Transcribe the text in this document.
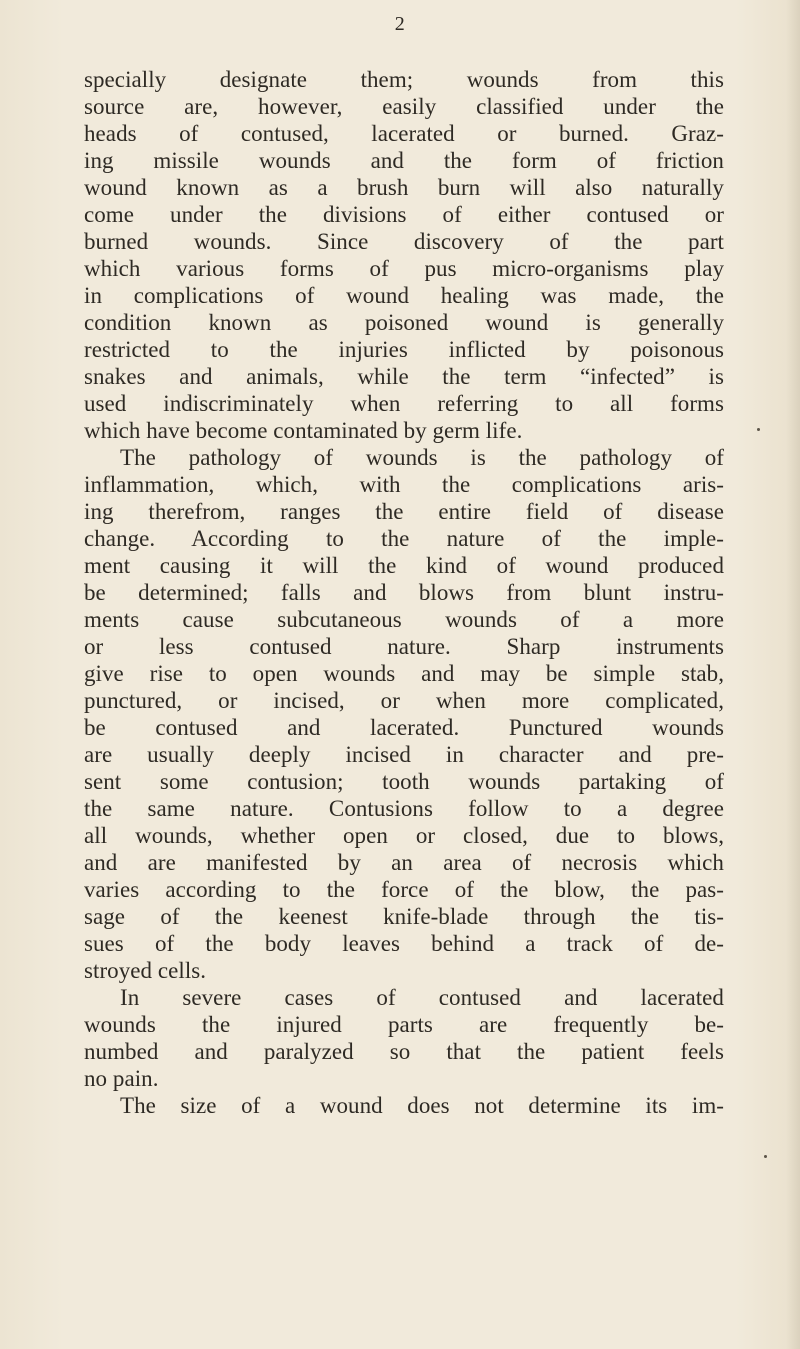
2
specially designate them; wounds from this
source are, however, easily classified under the
heads of contused, lacerated or burned. Graz-
ing missile wounds and the form of friction
wound known as a brush burn will also naturally
come under the divisions of either contused or
burned wounds. Since discovery of the part
which various forms of pus micro-organisms play
in complications of wound healing was made, the
condition known as poisoned wound is generally
restricted to the injuries inflicted by poisonous
snakes and animals, while the term “infected” is
used indiscriminately when referring to all forms
which have become contaminated by germ life.
The pathology of wounds is the pathology of
inflammation, which, with the complications aris-
ing therefrom, ranges the entire field of disease
change. According to the nature of the imple-
ment causing it will the kind of wound produced
be determined; falls and blows from blunt instru-
ments cause subcutaneous wounds of a more
or less contused nature. Sharp instruments
give rise to open wounds and may be simple stab,
punctured, or incised, or when more complicated,
be contused and lacerated. Punctured wounds
are usually deeply incised in character and pre-
sent some contusion; tooth wounds partaking of
the same nature. Contusions follow to a degree
all wounds, whether open or closed, due to blows,
and are manifested by an area of necrosis which
varies according to the force of the blow, the pas-
sage of the keenest knife-blade through the tis-
sues of the body leaves behind a track of de-
stroyed cells.
In severe cases of contused and lacerated
wounds the injured parts are frequently be-
numbed and paralyzed so that the patient feels
no pain.
The size of a wound does not determine its im-
